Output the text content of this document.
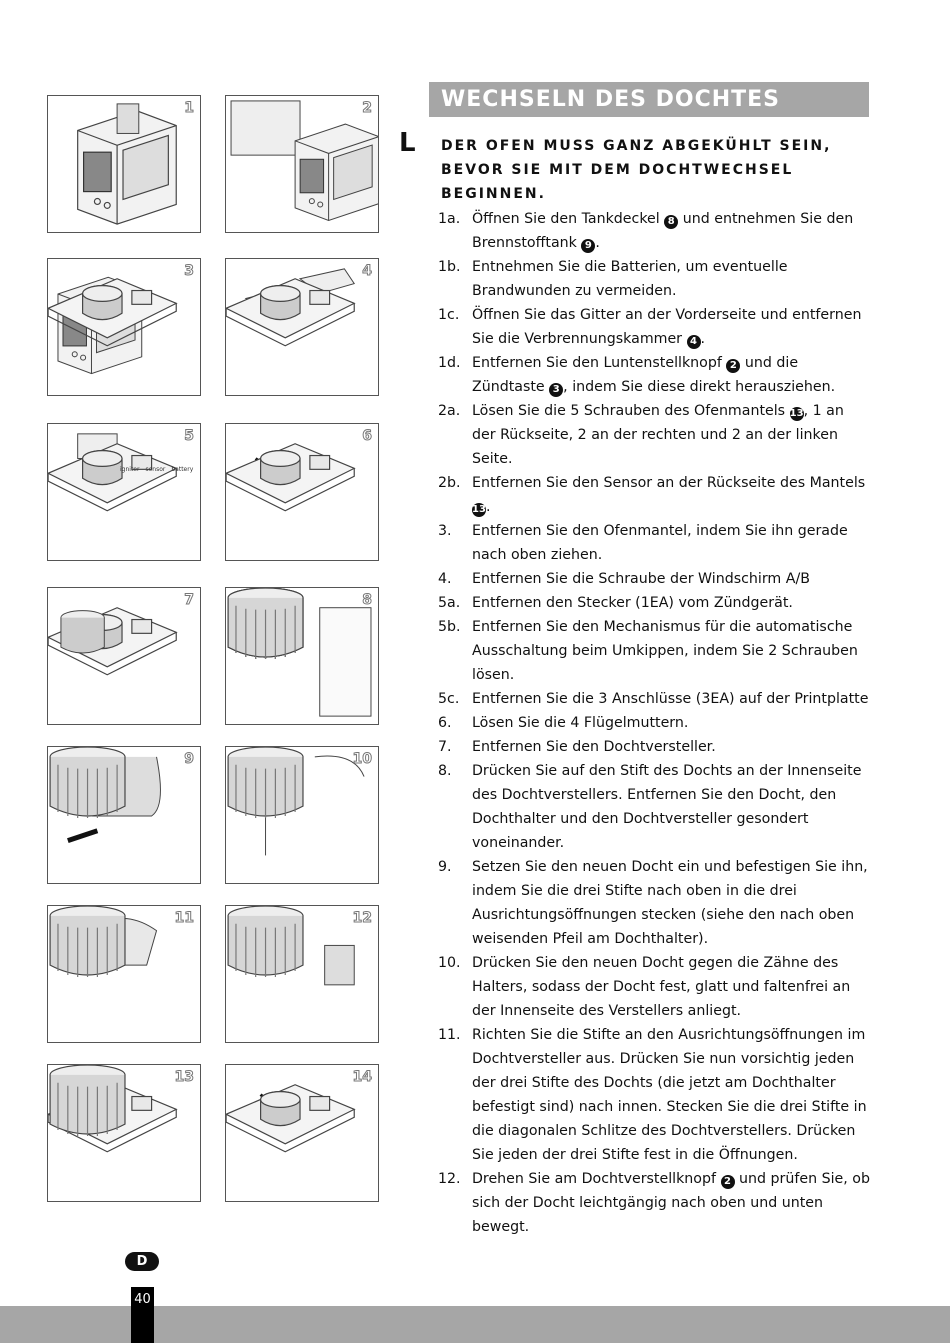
1	2
3	4
5
igniter sensor battery
6
7	8
9	10
11	12
13	14
WECHSELN DES DOCHTES
L DER OFEN MUSS GANZ ABGEKÜHLT SEIN, BEVOR SIE MIT DEM DOCHTWECHSEL BEGINNEN.
1a. Öffnen Sie den Tankdeckel 8 und entnehmen Sie den Brennstofftank 9 .
1b. Entnehmen Sie die Batterien, um eventuelle Brandwunden zu vermeiden.
1c. Öffnen Sie das Gitter an der Vorderseite und entfernen Sie die Verbrennungskammer 4 .
1d. Entfernen Sie den Luntenstellknopf 2 und die Zündtaste 3 , indem Sie diese direkt herausziehen.
2a. Lösen Sie die 5 Schrauben des Ofenmantels 13, 1 an der Rückseite, 2 an der rechten und 2 an der linken Seite.
2b. Entfernen Sie den Sensor an der Rückseite des Mantels 13.
3. Entfernen Sie den Ofenmantel, indem Sie ihn gerade nach oben ziehen.
4. Entfernen Sie die Schraube der Windschirm A/B
5a. Entfernen den Stecker (1EA) vom Zündgerät.
5b. Entfernen Sie den Mechanismus für die automatische Ausschaltung beim Umkippen, indem Sie 2 Schrauben lösen.
5c. Entfernen Sie die 3 Anschlüsse (3EA) auf der Printplatte
6. Lösen Sie die 4 Flügelmuttern.
7. Entfernen Sie den Dochtversteller.
8. Drücken Sie auf den Stift des Dochts an der Innenseite des Dochtverstellers. Entfernen Sie den Docht, den Dochthalter und den Dochtversteller gesondert voneinander.
9. Setzen Sie den neuen Docht ein und befestigen Sie ihn, indem Sie die drei Stifte nach oben in die drei Ausrichtungsöffnungen stecken (siehe den nach oben weisenden Pfeil am Dochthalter).
10. Drücken Sie den neuen Docht gegen die Zähne des Halters, sodass der Docht fest, glatt und faltenfrei an der Innenseite des Verstellers anliegt.
11. Richten Sie die Stifte an den Ausrichtungsöffnungen im Dochtversteller aus. Drücken Sie nun vorsichtig jeden der drei Stifte des Dochts (die jetzt am Dochthalter befestigt sind) nach innen. Stecken Sie die drei Stifte in die diagonalen Schlitze des Dochtverstellers. Drücken Sie jeden der drei Stifte fest in die Öffnungen.
12. Drehen Sie am Dochtverstellknopf 2 und prüfen Sie, ob sich der Docht leichtgängig nach oben und unten bewegt.
D
40
